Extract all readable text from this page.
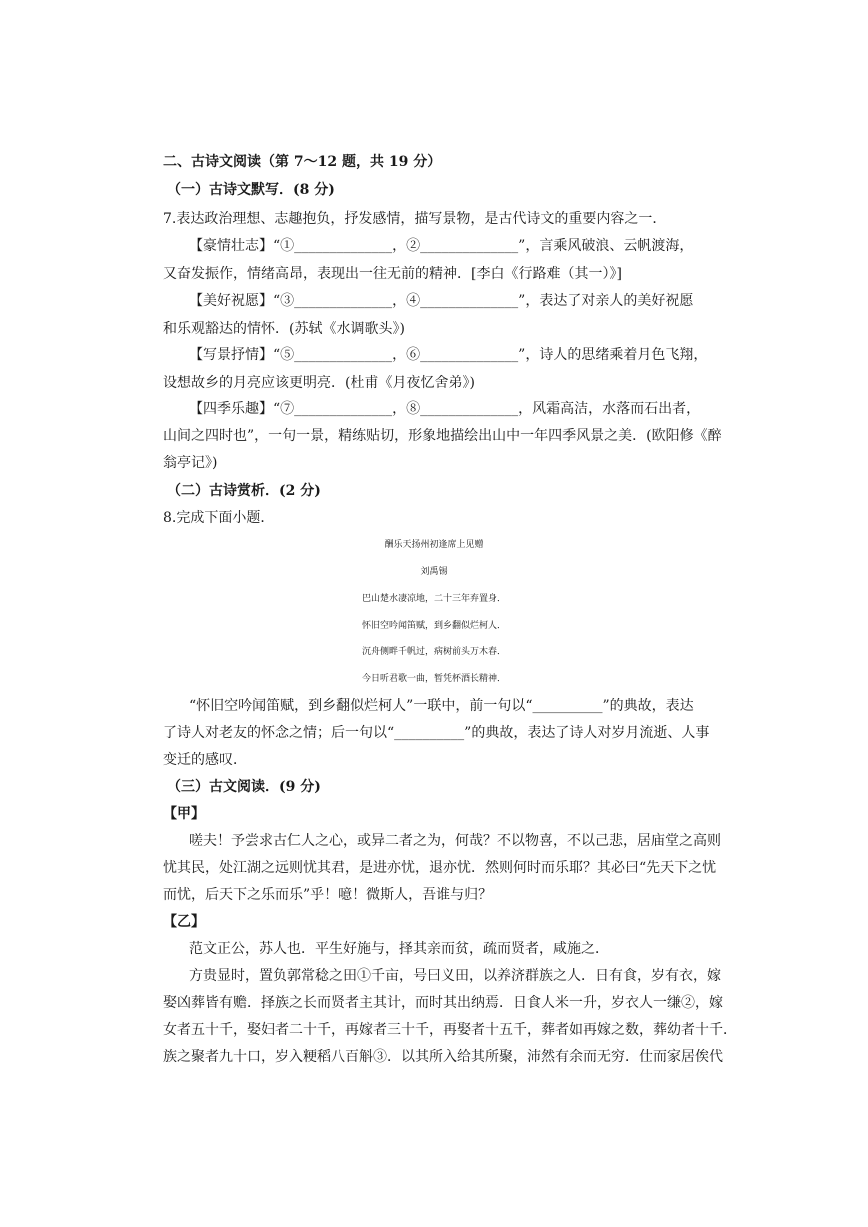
二、古诗文阅读（第 7～12 题，共 19 分）
（一）古诗文默写．(8 分)
7.表达政治理想、志趣抱负，抒发感情，描写景物，是古代诗文的重要内容之一．
【豪情壮志】“①______________，②______________”，言乘风破浪、云帆渡海，
又奋发振作，情绪高昂，表现出一往无前的精神．[李白《行路难（其一）》]
【美好祝愿】“③______________，④______________”，表达了对亲人的美好祝愿
和乐观豁达的情怀．(苏轼《水调歌头》)
【写景抒情】“⑤______________，⑥______________”，诗人的思绪乘着月色飞翔，
设想故乡的月亮应该更明亮．(杜甫《月夜忆舍弟》)
【四季乐趣】“⑦______________，⑧______________，风霜高洁，水落而石出者，
山间之四时也”，一句一景，精练贴切，形象地描绘出山中一年四季风景之美．(欧阳修《醉
翁亭记》)
（二）古诗赏析．(2 分)
8.完成下面小题．
酬乐天扬州初逢席上见赠
刘禹锡
巴山楚水凄凉地，二十三年弃置身．
怀旧空吟闻笛赋，到乡翻似烂柯人．
沉舟侧畔千帆过，病树前头万木春．
今日听君歌一曲，暂凭杯酒长精神．
“怀旧空吟闻笛赋，到乡翻似烂柯人”一联中，前一句以“__________”的典故，表达
了诗人对老友的怀念之情；后一句以“__________”的典故，表达了诗人对岁月流逝、人事
变迁的感叹．
（三）古文阅读．(9 分)
【甲】
嗟夫！予尝求古仁人之心，或异二者之为，何哉？不以物喜，不以己悲，居庙堂之高则
忧其民，处江湖之远则忧其君，是进亦忧，退亦忧．然则何时而乐耶？其必曰“先天下之忧
而忧，后天下之乐而乐”乎！噫！微斯人，吾谁与归？
【乙】
范文正公，苏人也．平生好施与，择其亲而贫，疏而贤者，咸施之．
方贵显时，置负郭常稔之田①千亩，号曰义田，以养济群族之人．日有食，岁有衣，嫁
娶凶葬皆有赡．择族之长而贤者主其计，而时其出纳焉．日食人米一升，岁衣人一缣②，嫁
女者五十千，娶妇者二十千，再嫁者三十千，再娶者十五千，葬者如再嫁之数，葬幼者十千．
族之聚者九十口，岁入粳稻八百斛③．以其所入给其所聚，沛然有余而无穷．仕而家居俟代
